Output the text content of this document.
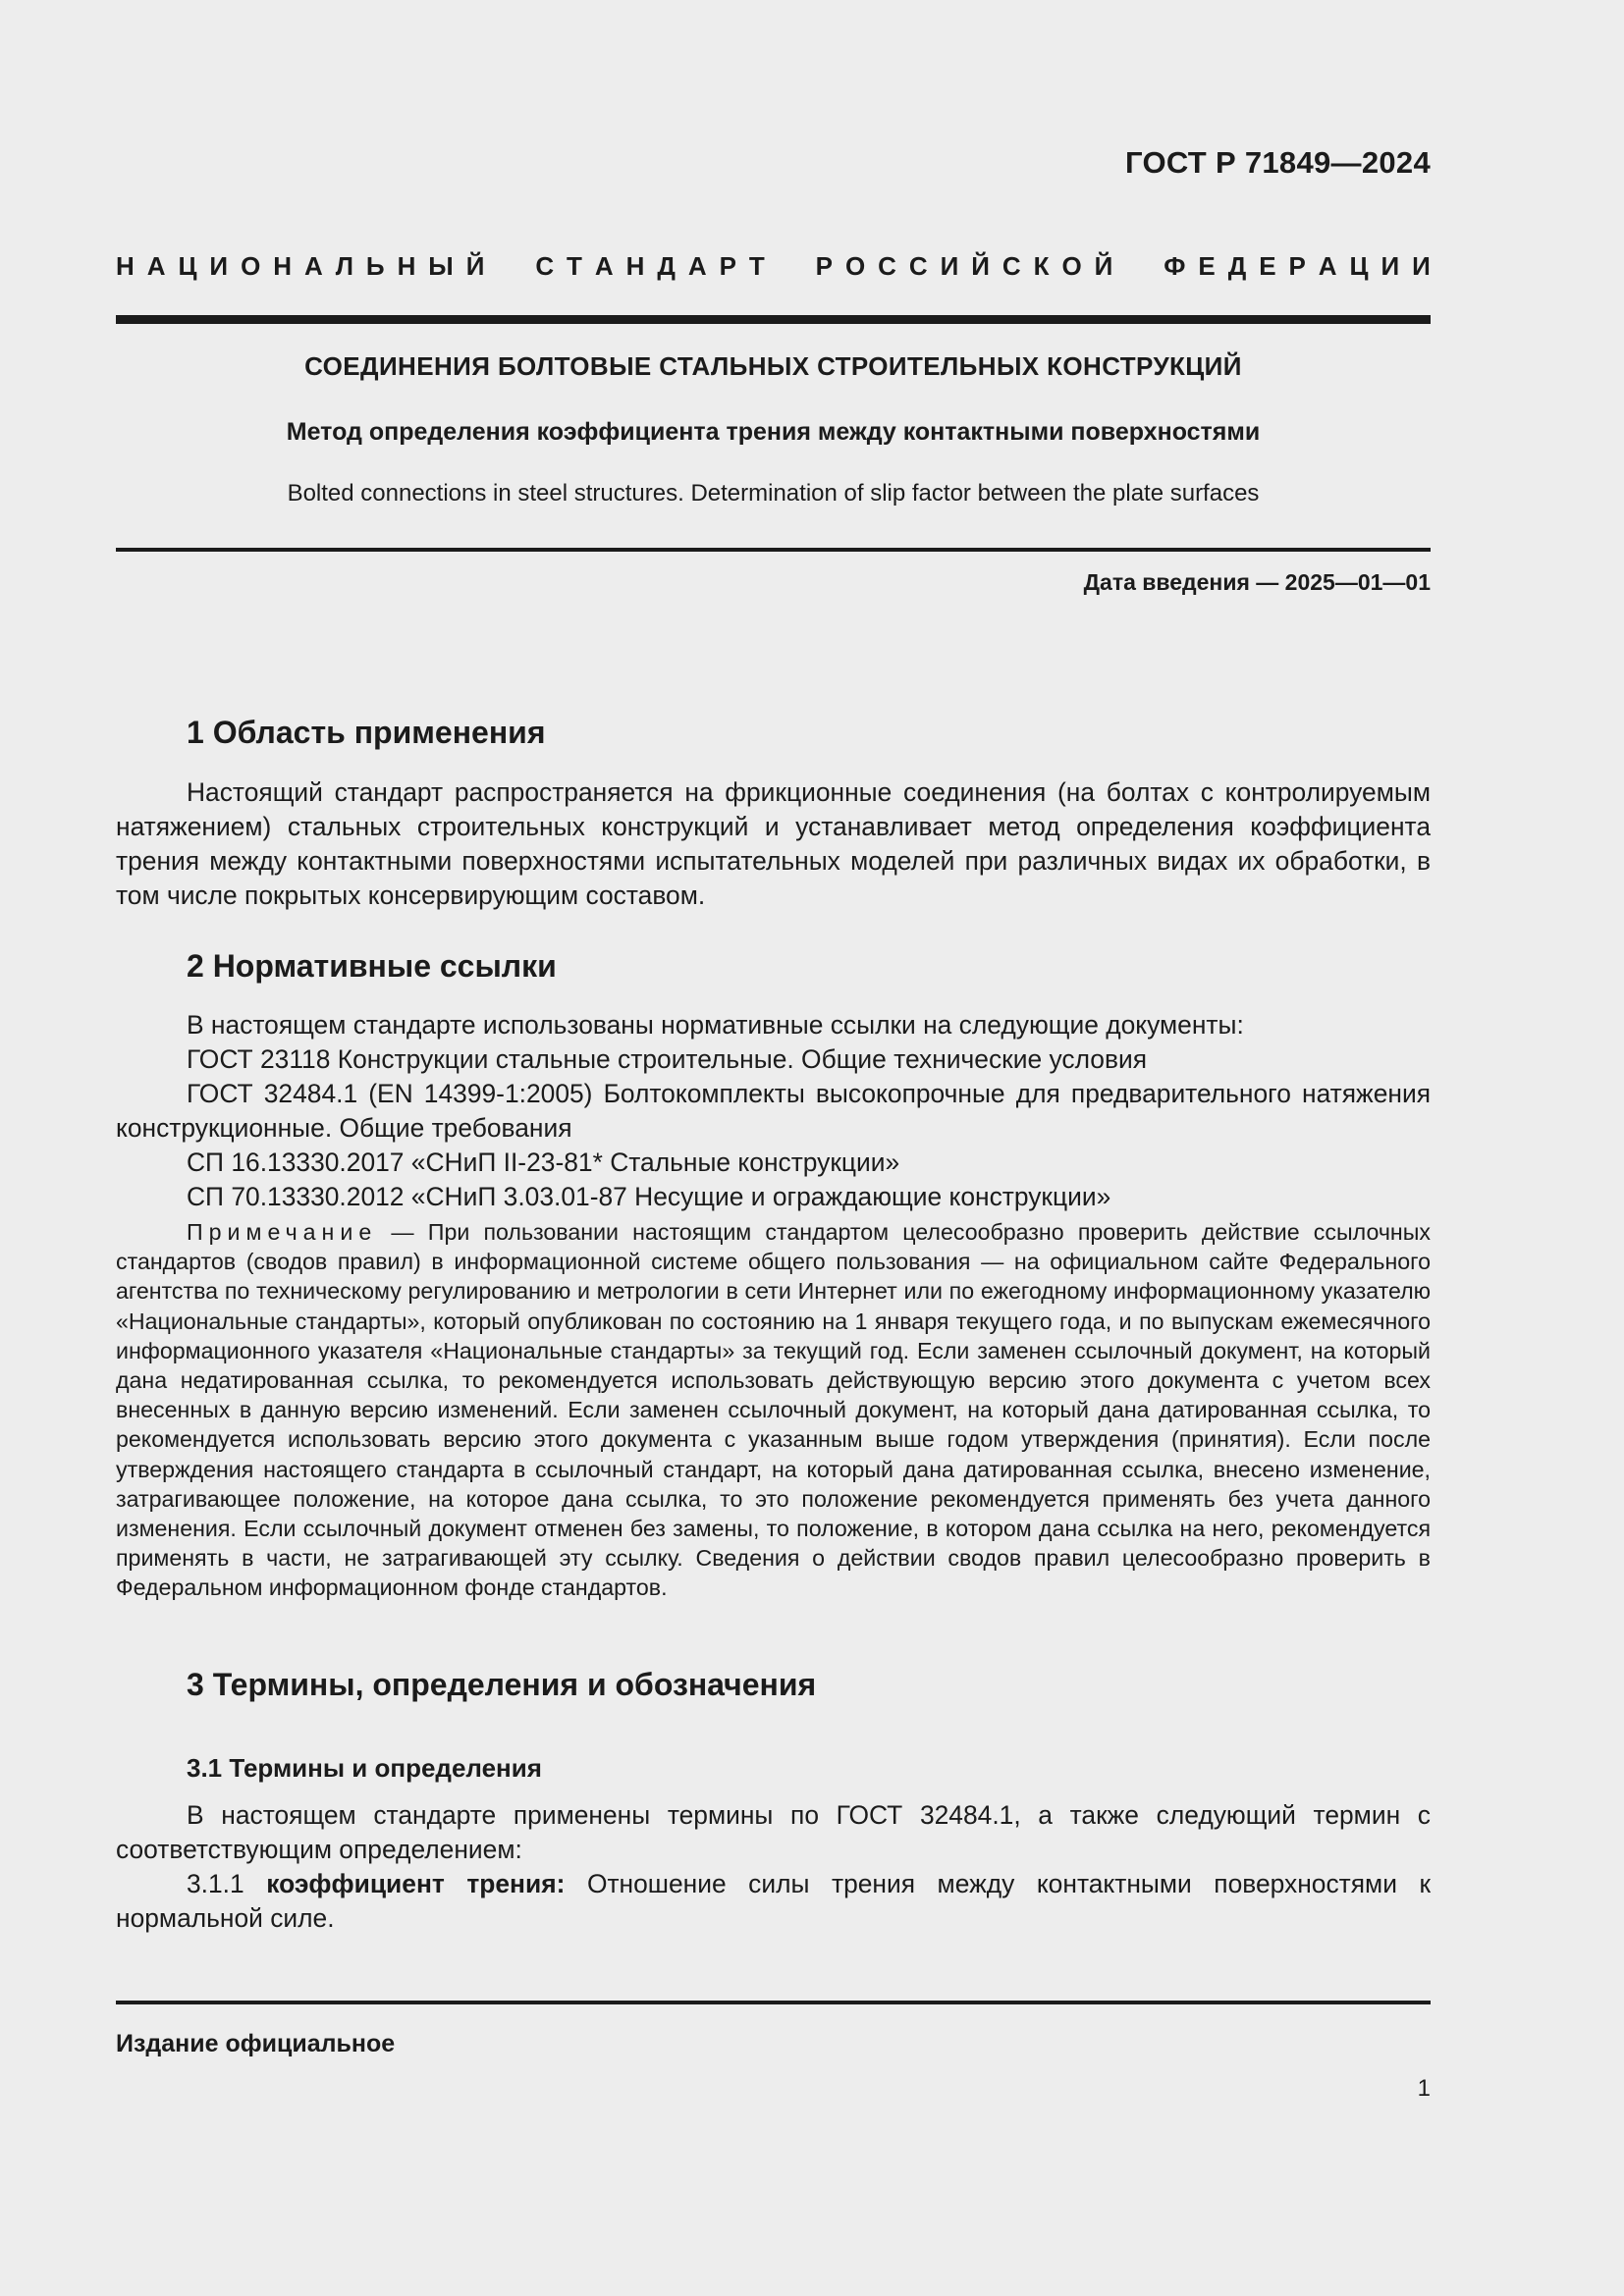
ГОСТ Р 71849—2024
Н А Ц И О Н А Л Ь Н Ы Й С Т А Н Д А Р Т Р О С С И Й С К О Й Ф Е Д Е Р А Ц И И
СОЕДИНЕНИЯ БОЛТОВЫЕ СТАЛЬНЫХ СТРОИТЕЛЬНЫХ КОНСТРУКЦИЙ
Метод определения коэффициента трения между контактными поверхностями
Bolted connections in steel structures. Determination of slip factor between the plate surfaces
Дата введения — 2025—01—01
1 Область применения

Настоящий стандарт распространяется на фрикционные соединения (на болтах с контролируемым натяжением) стальных строительных конструкций и устанавливает метод определения коэффициента трения между контактными поверхностями испытательных моделей при различных видах их обработки, в том числе покрытых консервирующим составом.

2 Нормативные ссылки
В настоящем стандарте использованы нормативные ссылки на следующие документы:
ГОСТ 23118 Конструкции стальные строительные. Общие технические условия

ГОСТ 32484.1 (EN 14399-1:2005) Болтокомплекты высокопрочные для предварительного натяжения конструкционные. Общие требования

СП 16.13330.2017 «СНиП II-23-81* Стальные конструкции»
СП 70.13330.2012 «СНиП 3.03.01-87 Несущие и ограждающие конструкции»

Примечание — При пользовании настоящим стандартом целесообразно проверить действие ссылочных стандартов (сводов правил) в информационной системе общего пользования — на официальном сайте Федерального агентства по техническому регулированию и метрологии в сети Интернет или по ежегодному информационному указателю «Национальные стандарты», который опубликован по состоянию на 1 января текущего года, и по выпускам ежемесячного информационного указателя «Национальные стандарты» за текущий год. Если заменен ссылочный документ, на который дана недатированная ссылка, то рекомендуется использовать действующую версию этого документа с учетом всех внесенных в данную версию изменений. Если заменен ссылочный документ, на который дана датированная ссылка, то рекомендуется использовать версию этого документа с указанным выше годом утверждения (принятия). Если после утверждения настоящего стандарта в ссылочный стандарт, на который дана датированная ссылка, внесено изменение, затрагивающее положение, на которое дана ссылка, то это положение рекомендуется применять без учета данного изменения. Если ссылочный документ отменен без замены, то положение, в котором дана ссылка на него, рекомендуется применять в части, не затрагивающей эту ссылку. Сведения о действии сводов правил целесообразно проверить в Федеральном информационном фонде стандартов.

3 Термины, определения и обозначения
3.1 Термины и определения

В настоящем стандарте применены термины по ГОСТ 32484.1, а также следующий термин с соответствующим определением:

3.1.1 коэффициент трения: Отношение силы трения между контактными поверхностями к нормальной силе.

Издание официальное
1
